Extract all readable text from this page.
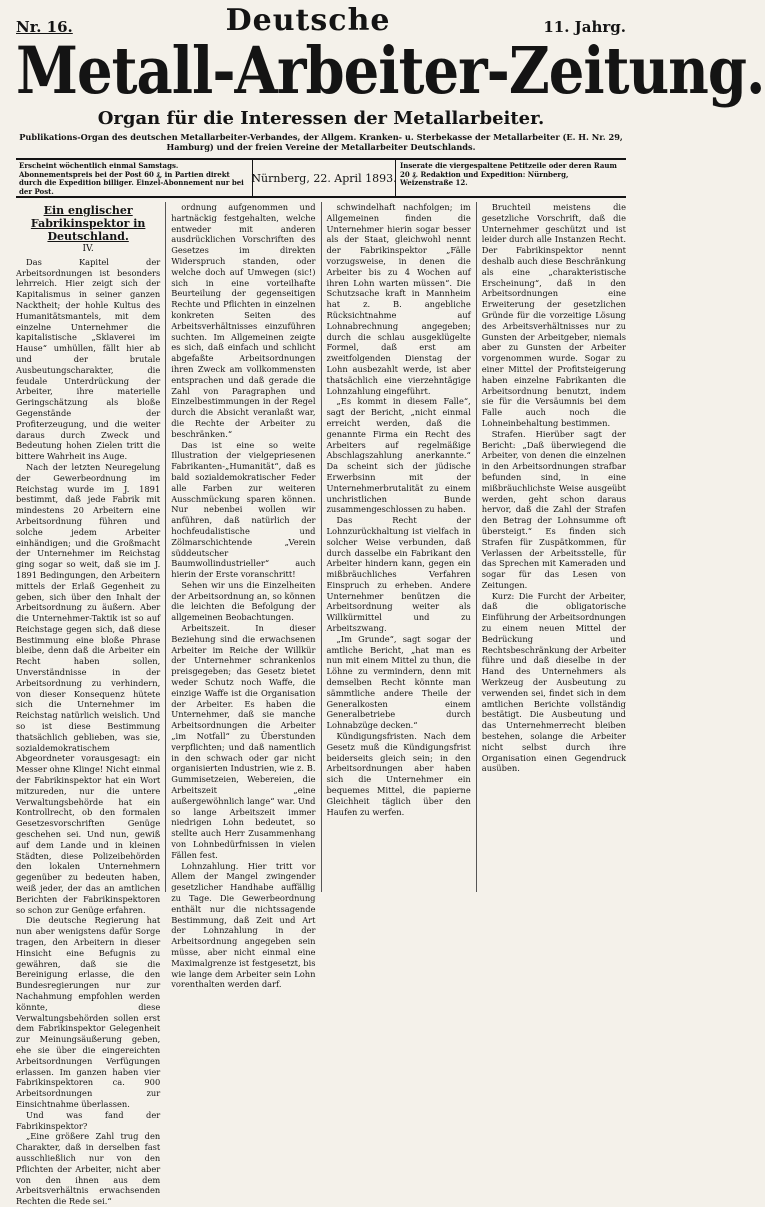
Nr. 16.	Deutsche	11. Jahrg.
Metall-Arbeiter-Zeitung.
Organ für die Interessen der Metallarbeiter.
Publikations-Organ des deutschen Metallarbeiter-Verbandes, der Allgem. Kranken- u. Sterbekasse der Metallarbeiter (E. H. Nr. 29, Hamburg) und der freien Vereine der Metallarbeiter Deutschlands.
Erscheint wöchentlich einmal Samstags. Abonnementspreis bei der Post 60 ₰, in Partien direkt durch die Expedition billiger. Einzel-Abonnement nur bei der Post.
Nürnberg, 22. April 1893.
Inserate die viergespaltene Petitzeile oder deren Raum 20 ₰. Redaktion und Expedition: Nürnberg, Weizenstraße 12.
Ein englischer Fabrikinspektor in Deutschland.
IV.

Das Kapitel der Arbeitsordnungen ist besonders lehrreich. Hier zeigt sich der Kapitalismus in seiner ganzen Nacktheit; der hohle Kultus des Humanitätsmantels, mit dem einzelne Unternehmer die kapitalistische „Sklaverei im Hause“ umhüllen, fällt hier ab und der brutale Ausbeutungscharakter, die feudale Unterdrückung der Arbeiter, ihre materielle Geringschätzung als bloße Gegenstände der Profiterzeugung, und die weiter daraus durch Zweck und Bedeutung hohen Zielen tritt die bittere Wahrheit ins Auge.

Nach der letzten Neuregelung der Gewerbeordnung im Reichstag wurde im J. 1891 bestimmt, daß jede Fabrik mit mindestens 20 Arbeitern eine Arbeitsordnung führen und solche jedem Arbeiter einhändigen; und die Großmacht der Unternehmer im Reichstag ging sogar so weit, daß sie im J. 1891 Bedingungen, den Arbeitern mittels der Erlaß Gegenheit zu geben, sich über den Inhalt der Arbeitsordnung zu äußern. Aber die Unternehmer-Taktik ist so auf Reichstage gegen sich, daß diese Bestimmung eine bloße Phrase bleibe, denn daß die Arbeiter ein Recht haben sollen, Unverständnisse in der Arbeitsordnung zu verhindern, von dieser Konsequenz hütete sich die Unternehmer im Reichstag natürlich weislich. Und so ist diese Bestimmung thatsächlich geblieben, was sie, sozialdemokratischem Abgeordneter vorausgesagt: ein Messer ohne Klinge! Nicht einmal der Fabrikinspektor hat ein Wort mitzureden, nur die untere Verwaltungsbehörde hat ein Kontrollrecht, ob den formalen Gesetzesvorschriften Genüge geschehen sei. Und nun, gewiß auf dem Lande und in kleinen Städten, diese Polizeibehörden den lokalen Unternehmern gegenüber zu bedeuten haben, weiß jeder, der das an amtlichen Berichten der Fabrikinspektoren so schon zur Genüge erfahren.

Die deutsche Regierung hat nun aber wenigstens dafür Sorge tragen, den Arbeitern in dieser Hinsicht eine Befugnis zu gewähren, daß sie die Bereinigung erlasse, die den Bundesregierungen nur zur Nachahmung empfohlen werden könnte, diese Verwaltungsbehörden sollen erst dem Fabrikinspektor Gelegenheit zur Meinungsäußerung geben, ehe sie über die eingereichten Arbeitsordnungen Verfügungen erlassen. Im ganzen haben vier Fabrikinspektoren ca. 900 Arbeitsordnungen zur Einsichtnahme überlassen.

Und was fand der Fabrikinspektor?

„Eine größere Zahl trug den Charakter, daß in derselben fast ausschließlich nur von den Pflichten der Arbeiter, nicht aber von den ihnen aus dem Arbeitsverhältnis erwachsenden Rechten die Rede sei.“

ordnung aufgenommen und hartnäckig festgehalten, welche entweder mit anderen ausdrücklichen Vorschriften des Gesetzes im direkten Widerspruch standen, oder welche doch auf Umwegen (sic!) sich in eine vorteilhafte Beurteilung der gegenseitigen Rechte und Pflichten in einzelnen konkreten Seiten des Arbeitsverhältnisses einzuführen suchten. Im Allgemeinen zeigte es sich, daß einfach und schlicht abgefaßte Arbeitsordnungen ihren Zweck am vollkommensten entsprachen und daß gerade die Zahl von Paragraphen und Einzelbestimmungen in der Regel durch die Absicht veranlaßt war, die Rechte der Arbeiter zu beschränken.“

Das ist eine so weite Illustration der vielgepriesenen Fabrikanten-„Humanität“, daß es bald sozialdemokratischer Feder alle Farben zur weiteren Ausschmückung sparen können. Nur nebenbei wollen wir anführen, daß natürlich der hochfeudalistische und Zölmarschichtende „Verein süddeutscher Baumwollindustrieller“ auch hierin der Erste voranschritt!

Sehen wir uns die Einzelheiten der Arbeitsordnung an, so können die leichten die Befolgung der allgemeinen Beobachtungen.

Arbeitszeit. In dieser Beziehung sind die erwachsenen Arbeiter im Reiche der Willkür der Unternehmer schrankenlos preisgegeben; das Gesetz bietet weder Schutz noch Waffe, die einzige Waffe ist die Organisation der Arbeiter. Es haben die Unternehmer, daß sie manche Arbeitsordnungen die Arbeiter „im Notfall“ zu Überstunden verpflichten; und daß namentlich in den schwach oder gar nicht organisierten Industrien, wie z. B. Gummisetzeien, Webereien, die Arbeitszeit „eine außergewöhnlich lange“ war. Und so lange Arbeitszeit immer niedrigen Lohn bedeutet, so stellte auch Herr Zusammenhang von Lohnbedürfnissen in vielen Fällen fest.

Lohnzahlung. Hier tritt vor Allem der Mangel zwingender gesetzlicher Handhabe auffällig zu Tage. Die Gewerbeordnung enthält nur die nichtssagende Bestimmung, daß Zeit und Art der Lohnzahlung in der Arbeitsordnung angegeben sein müsse, aber nicht einmal eine Maximalgrenze ist festgesetzt, bis wie lange dem Arbeiter sein Lohn vorenthalten werden darf.

schwindelhaft nachfolgen; im Allgemeinen finden die Unternehmer hierin sogar besser als der Staat, gleichwohl nennt der Fabrikinspektor „Fälle vorzugsweise, in denen die Arbeiter bis zu 4 Wochen auf ihren Lohn warten müssen“. Die Schutzsache kraft in Mannheim hat z. B. angebliche Rücksichtnahme auf Lohnabrechnung angegeben; durch die schlau ausgeklügelte Formel, daß erst am zweitfolgenden Dienstag der Lohn ausbezahlt werde, ist aber thatsächlich eine vierzehntägige Lohnzahlung eingeführt.

„Es kommt in diesem Falle“, sagt der Bericht, „nicht einmal erreicht werden, daß die genannte Firma ein Recht des Arbeiters auf regelmäßige Abschlagszahlung anerkannte.“ Da scheint sich der jüdische Erwerbsinn mit der Unternehmerbrutalität zu einem unchristlichen Bunde zusammengeschlossen zu haben.

Das Recht der Lohnzurückhaltung ist vielfach in solcher Weise verbunden, daß durch dasselbe ein Fabrikant den Arbeiter hindern kann, gegen ein mißbräuchliches Verfahren Einspruch zu erheben. Andere Unternehmer benützen die Arbeitsordnung weiter als Willkürmittel und zu Arbeitszwang.

„Im Grunde“, sagt sogar der amtliche Bericht, „hat man es nun mit einem Mittel zu thun, die Löhne zu vermindern, denn mit demselben Recht könnte man sämmtliche andere Theile der Generalkosten einem Generalbetriebe durch Lohnabzüge decken.“

Kündigungsfristen. Nach dem Gesetz muß die Kündigungsfrist beiderseits gleich sein; in den Arbeitsordnungen aber haben sich die Unternehmer ein bequemes Mittel, die papierne Gleichheit täglich über den Haufen zu werfen.

Bruchteil meistens die gesetzliche Vorschrift, daß die Unternehmer geschützt und ist leider durch alle Instanzen Recht. Der Fabrikinspektor nennt deshalb auch diese Beschränkung als eine „charakteristische Erscheinung“, daß in den Arbeitsordnungen eine Erweiterung der gesetzlichen Gründe für die vorzeitige Lösung des Arbeitsverhältnisses nur zu Gunsten der Arbeitgeber, niemals aber zu Gunsten der Arbeiter vorgenommen wurde. Sogar zu einer Mittel der Profitsteigerung haben einzelne Fabrikanten die Arbeitsordnung benutzt, indem sie für die Versäumnis bei dem Falle auch noch die Lohneinbehaltung bestimmen.

Strafen. Hierüber sagt der Bericht: „Daß überwiegend die Arbeiter, von denen die einzelnen in den Arbeitsordnungen strafbar befunden sind, in eine mißbräuchlichste Weise ausgeübt werden, geht schon daraus hervor, daß die Zahl der Strafen den Betrag der Lohnsumme oft übersteigt.“ Es finden sich Strafen für Zuspätkommen, für Verlassen der Arbeitsstelle, für das Sprechen mit Kameraden und sogar für das Lesen von Zeitungen.

Kurz: Die Furcht der Arbeiter, daß die obligatorische Einführung der Arbeitsordnungen zu einem neuen Mittel der Bedrückung und Rechtsbeschränkung der Arbeiter führe und daß dieselbe in der Hand des Unternehmers als Werkzeug der Ausbeutung zu verwenden sei, findet sich in dem amtlichen Berichte vollständig bestätigt. Die Ausbeutung und das Unternehmerrecht bleiben bestehen, solange die Arbeiter nicht selbst durch ihre Organisation einen Gegendruck ausüben.
